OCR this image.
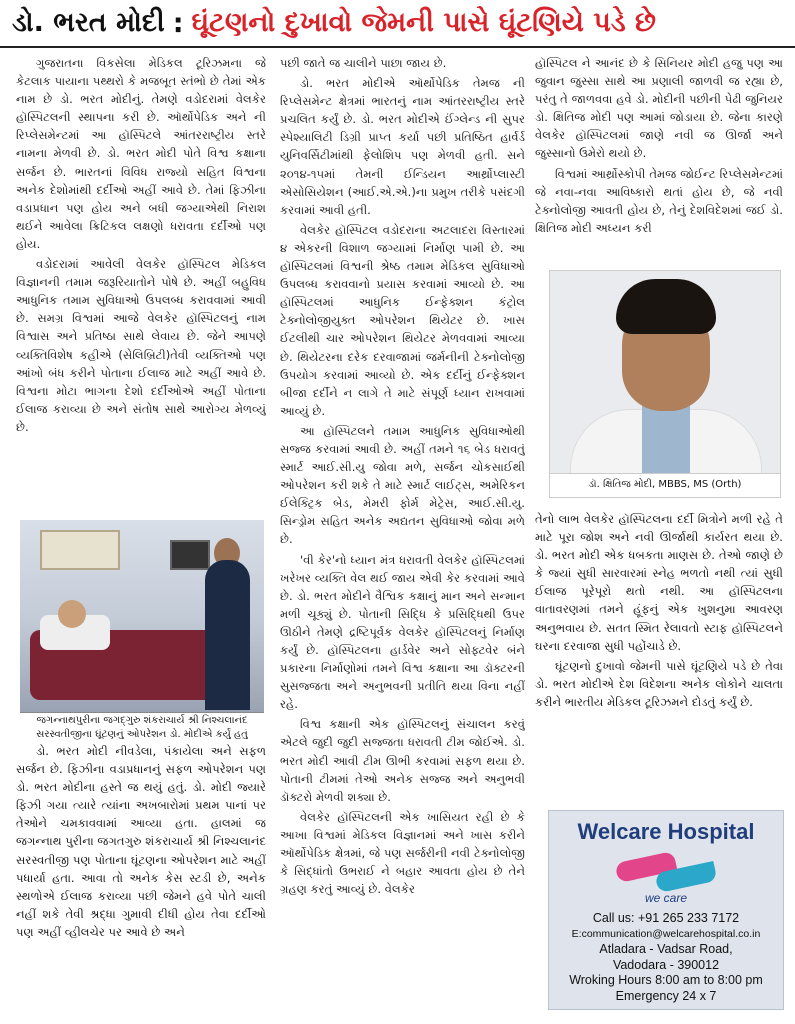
ડો. ભરત મોદી : ઘૂંટણનો દુખાવો જેમની પાસે ઘૂંટણિયે પડે છે

ગુજરાતના વિકસેલા મેડિકલ ટૂરિઝમના જે કેટલાક પાયાના પથ્થરો કે મજબૂત સ્તંભો છે તેમાં એક નામ છે ડો. ભરત મોદીનું. તેમણે વડોદરામાં વેલકેર હૉસ્પિટલની સ્થાપના કરી છે. ઑર્થોપેડિક અને ની રિપ્લેસમેન્ટમાં આ હૉસ્પિટલે આંતરરાષ્ટ્રીય સ્તરે નામના મેળવી છે. ડો. ભરત મોદી પોતે વિશ્વ કક્ષાના સર્જન છે. ભારતનાં વિવિધ રાજ્યો સહિત વિશ્વના અનેક દેશોમાંથી દર્દીઓ અહીં આવે છે. તેમાં ફિઝીના વડાપ્રધાન પણ હોય અને બધી જગ્યાએથી નિરાશ થઈને આવેલા ક્રિટિકલ લક્ષણો ધરાવતા દર્દીઓ પણ હોય.

વડોદરામાં આવેલી વેલકેર હૉસ્પિટલ મેડિકલ વિજ્ઞાનની તમામ જરૂરિયાતોને પોષે છે. અહીં બહુવિધ આધુનિક તમામ સુવિધાઓ ઉપલબ્ધ કરાવવામાં આવી છે. સમગ્ર વિશ્વમાં આજે વેલકેર હૉસ્પિટલનું નામ વિશ્વાસ અને પ્રતિષ્ઠા સાથે લેવાય છે. જેને આપણે વ્યક્તિવિશેષ કહીએ (સેલિબ્રિટી)તેવી વ્યક્તિઓ પણ આંખો બંધ કરીને પોતાના ઈલાજ માટે અહીં આવે છે. વિશ્વના મોટા ભાગના દેશો દર્દીઓએ અહીં પોતાના ઈલાજ કરાવ્યા છે અને સંતોષ સાથે આરોગ્ય મેળવ્યું છે.

જગન્નાથપુરીના જગદ્ગુરુ શંકરાચાર્ય શ્રી નિશ્ચલાનંદ સરસ્વતીજીના ઘૂંટણનું ઓપરેશન ડો. મોદીએ કર્યું હતું

ડો. ભરત મોદી નીવડેલા, પંકાયેલા અને સફળ સર્જન છે. ફિઝીના વડાપ્રધાનનું સફળ ઓપરેશન પણ ડો. ભરત મોદીના હસ્તે જ થયું હતું. ડો. મોદી જ્યારે ફિઝી ગયા ત્યારે ત્યાંના અખબારોમાં પ્રથમ પાનાં પર તેઓને ચમકાવવામાં આવ્યા હતા. હાલમાં જ જગન્નાથ પુરીના જગતગુરુ શંકરાચાર્ય શ્રી નિશ્ચલાનંદ સરસ્વતીજી પણ પોતાના ઘૂંટણના ઓપરેશન માટે અહીં પધાર્યા હતા. આવા તો અનેક કેસ સ્ટડી છે, અનેક સ્થળોએ ઈલાજ કરાવ્યા પછી જેમને હવે પોતે ચાલી નહીં શકે તેવી શ્રદ્ધા ગુમાવી દીધી હોય તેવા દર્દીઓ પણ અહીં વ્હીલચેર પર આવે છે અને

પછી જાતે જ ચાલીને પાછા જાય છે.

ડો. ભરત મોદીએ ઑર્થોપેડિક તેમજ ની રિપ્લેસમેન્ટ ક્ષેત્રમાં ભારતનું નામ આંતરરાષ્ટ્રીય સ્તરે પ્રચલિત કર્યું છે. ડો. ભરત મોદીએ ઈંગ્લેન્ડ ની સુપર સ્પેશ્યાલિટી ડિગ્રી પ્રાપ્ત કર્યા પછી પ્રતિષ્ઠિત હાર્વર્ડ યુનિવર્સિટીમાંથી ફેલોશિપ પણ મેળવી હતી. સને ૨૦૧૪-૧૫માં તેમની ઈન્ડિયન આર્થ્રોપ્લાસ્ટી એસોસિયેશન (આઈ.એ.એ.)ના પ્રમુખ તરીકે પસંદગી કરવામાં આવી હતી.

વેલકેર હૉસ્પિટલ વડોદરાના અટલાદરા વિસ્તારમાં ૪ એકરની વિશાળ જગ્યામાં નિર્માણ પામી છે. આ હૉસ્પિટલમાં વિશ્વની શ્રેષ્ઠ તમામ મેડિકલ સુવિધાઓ ઉપલબ્ધ કરાવવાનો પ્રયાસ કરવામાં આવ્યો છે. આ હૉસ્પિટલમાં આધુનિક ઈન્ફેક્શન કંટ્રોલ ટેક્નોલોજીયુક્ત ઓપરેશન થિયેટર છે. ખાસ ઈટલીથી ચાર ઓપરેશન થિયેટર મેળવવામાં આવ્યા છે. થિયેટરના દરેક દરવાજામાં જર્મનીની ટેક્નોલોજી ઉપયોગ કરવામાં આવ્યો છે. એક દર્દીનું ઈન્ફેક્શન બીજા દર્દીને ન લાગે તે માટે સંપૂર્ણ ધ્યાન રાખવામાં આવ્યું છે.

આ હૉસ્પિટલને તમામ આધુનિક સુવિધાઓથી સજ્જ કરવામાં આવી છે. અહીં તમને ૧૬ બેડ ધરાવતું સ્માર્ટ આઈ.સી.યુ જોવા મળે, સર્જન ચોકસાઈથી ઓપરેશન કરી શકે તે માટે સ્માર્ટ લાઈટ્સ, અમેરિકન ઈલેક્ટ્રિક બેડ, મેમરી ફોર્મ મેટ્રેસ, આઈ.સી.યુ. સિન્ડ્રોમ સહિત અનેક અદ્યતન સુવિધાઓ જોવા મળે છે.

'વી કેર'નો ધ્યાન મંત્ર ધરાવતી વેલકેર હૉસ્પિટલમાં ખરેખર વ્યક્તિ વેલ થઈ જાય એવી કેર કરવામાં આવે છે. ડો. ભરત મોદીને વૈશ્વિક કક્ષાનું માન અને સન્માન મળી ચૂક્યું છે. પોતાની સિદ્ધિ કે પ્રસિદ્ધિથી ઉપર ઊઠીને તેમણે દ્રષ્ટિપૂર્વક વેલકેર હૉસ્પિટલનું નિર્માણ કર્યું છે. હૉસ્પિટલના હાર્ડવેર અને સોફ્ટવેર બંને પ્રકારના નિર્માણોમાં તમને વિશ્વ કક્ષાના આ ડૉક્ટરની સુસજ્જતા અને અનુભવની પ્રતીતિ થયા વિના નહીં રહે.

વિશ્વ કક્ષાની એક હૉસ્પિટલનું સંચાલન કરવું એટલે જુદી જુદી સજ્જતા ધરાવતી ટીમ જોઈએ. ડો. ભરત મોદી આવી ટીમ ઊભી કરવામાં સફળ થયા છે. પોતાની ટીમમાં તેઓ અનેક સજ્જ અને અનુભવી ડૉક્ટરો મેળવી શક્યા છે.

વેલકેર હૉસ્પિટલની એક ખાસિયત રહી છે કે આખા વિશ્વમાં મેડિકલ વિજ્ઞાનમાં અને ખાસ કરીને ઑર્થોપેડિક ક્ષેત્રમાં, જે પણ સર્જરીની નવી ટેક્નોલોજી કે સિદ્ધાંતો ઉભરાઈ ને બહાર આવતા હોય છે તેને ગ્રહણ કરતું આવ્યું છે. વેલકેર

હૉસ્પિટલ ને આનંદ છે કે સિનિયર મોદી હજુ પણ આ જુવાન જુસ્સા સાથે આ પ્રણાલી જાળવી જ રહ્યા છે, પરંતુ તે જાળવવા હવે ડો. મોદીની પછીની પેઢી જુનિયર ડો. ક્ષિતિજ મોદી પણ આમાં જોડાયા છે. જેના કારણે વેલકેર હૉસ્પિટલમાં જાણે નવી જ ઊર્જા અને જુસ્સાનો ઉમેરો થયો છે.

વિશ્વમાં આર્થ્રોસ્કોપી તેમજ જોઈન્ટ રિપ્લેસમેન્ટમાં જે નવા-નવા આવિષ્કારો થતાં હોય છે, જે નવી ટેક્નોલોજી આવતી હોય છે, તેનું દેશવિદેશમાં જઈ ડો. ક્ષિતિજ મોદી અધ્યન કરી

ડૉ. ક્ષિતિજ મોદી, MBBS, MS (Orth)

તેનો લાભ વેલકેર હૉસ્પિટલના દર્દી મિત્રોને મળી રહે તે માટે પૂરા જોશ અને નવી ઊર્જાથી કાર્યરત થયા છે. ડો. ભરત મોદી એક ધબકતા માણસ છે. તેઓ જાણે છે કે જ્યાં સુધી સારવારમાં સ્નેહ ભળતો નથી ત્યાં સુધી ઈલાજ પૂરેપૂરો થતો નથી. આ હૉસ્પિટલના વાતાવરણમાં તમને હૂંફનું એક ખુશનુમા આવરણ અનુભવાય છે. સતત સ્મિત રેલાવતો સ્ટાફ હૉસ્પિટલને ઘરના દરવાજા સુધી પહોંચાડે છે.

ઘૂંટણનો દુખાવો જેમની પાસે ઘૂંટણિયે પડે છે તેવા ડો. ભરત મોદીએ દેશ વિદેશના અનેક લોકોને ચાલતા કરીને ભારતીય મેડિકલ ટૂરિઝમને દોડતું કર્યું છે.

Welcare Hospital
we care
Call us: +91 265 233 7172
E:communication@welcarehospital.co.in
Atladara - Vadsar Road,
Vadodara - 390012
Wroking Hours 8:00 am to 8:00 pm
Emergency 24 x 7
